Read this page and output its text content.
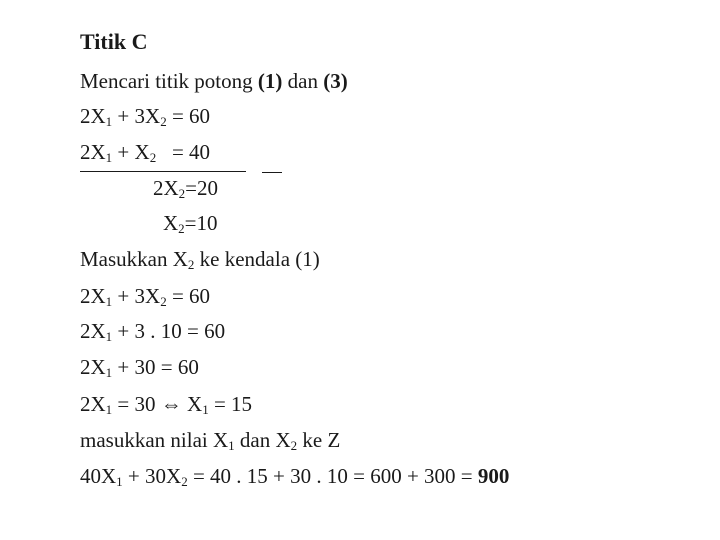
Titik C
Mencari titik potong (1) dan (3)
$2X_1 + 3X_2 = 60$
$2X_1 + X_2 = 40$
$2X_2=20$
$X_2=10$
Masukkan $X_2$ ke kendala (1)
$2X_1 + 3X_2 = 60$
$2X_1 + 3$ . 10 = 60
$2X_1 + 30 = 60$
$2X_1 = 30$ ⇔ $X_1 = 15$
masukkan nilai $X_1$ dan $X_2$ ke Z
$40X_1 + 30X_2 = 40$ . 15 + 30 . 10 = 600 + 300 = 900
